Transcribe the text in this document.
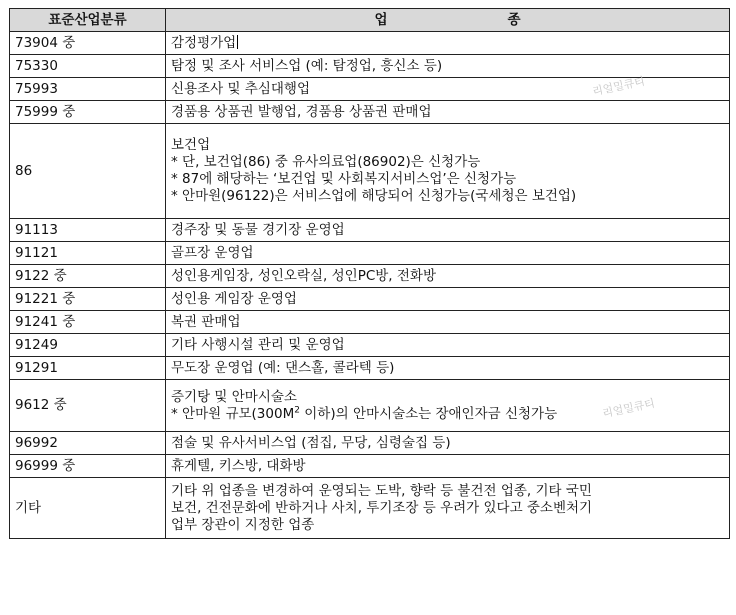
표준산업분류	업 종
73904 중	감정평가업
75330	탐정 및 조사 서비스업 (예: 탐정업, 흥신소 등)
75993	신용조사 및 추심대행업
75999 중	경품용 상품권 발행업, 경품용 상품권 판매업
86	보건업
* 단, 보건업(86) 중 유사의료업(86902)은 신청가능
* 87에 해당하는 ‘보건업 및 사회복지서비스업’은 신청가능
* 안마원(96122)은 서비스업에 해당되어 신청가능(국세청은 보건업)

91113	경주장 및 동물 경기장 운영업
91121	골프장 운영업
9122 중	성인용게임장, 성인오락실, 성인PC방, 전화방
91221 중	성인용 게임장 운영업
91241 중	복권 판매업
91249	기타 사행시설 관리 및 운영업
91291	무도장 운영업 (예: 댄스홀, 콜라텍 등)
9612 중	증기탕 및 안마시술소
* 안마원 규모($300M^2$ 이하)의 안마시술소는 장애인자금 신청가능

96992	점술 및 유사서비스업 (점집, 무당, 심령술집 등)
96999 중	휴게텔, 키스방, 대화방
기타	기타 위 업종을 변경하여 운영되는 도박, 향락 등 불건전 업종, 기타 국민
보건, 건전문화에 반하거나 사치, 투기조장 등 우려가 있다고 중소벤처기
업부 장관이 지정한 업종
리얼밀큐티
리얼밀큐티
